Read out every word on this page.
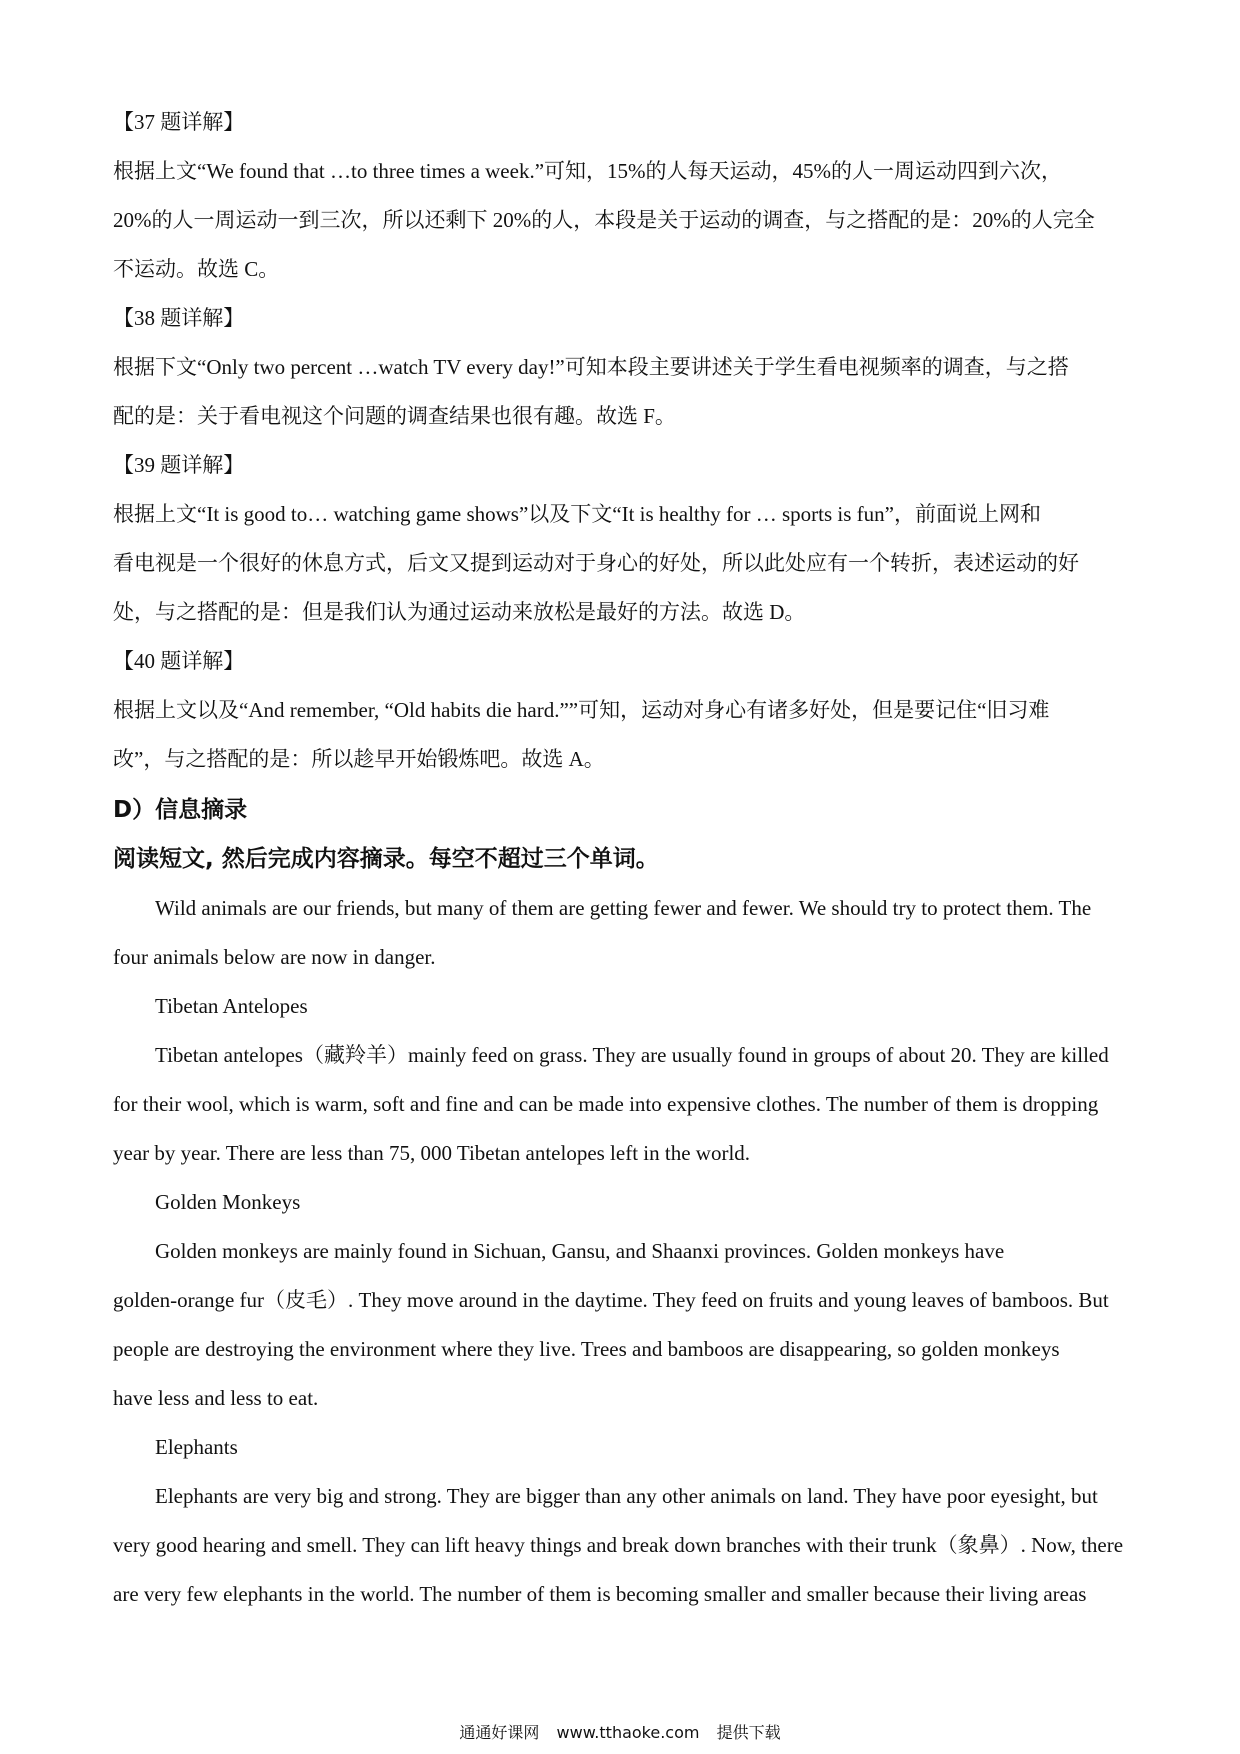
【37 题详解】
根据上文“We found that …to three times a week.”可知，15%的人每天运动，45%的人一周运动四到六次，
20%的人一周运动一到三次，所以还剩下 20%的人，本段是关于运动的调查，与之搭配的是：20%的人完全
不运动。故选 C。
【38 题详解】
根据下文“Only two percent …watch TV every day!”可知本段主要讲述关于学生看电视频率的调查，与之搭
配的是：关于看电视这个问题的调查结果也很有趣。故选 F。
【39 题详解】
根据上文“It is good to… watching game shows”以及下文“It is healthy for … sports is fun”，前面说上网和
看电视是一个很好的休息方式，后文又提到运动对于身心的好处，所以此处应有一个转折，表述运动的好
处，与之搭配的是：但是我们认为通过运动来放松是最好的方法。故选 D。
【40 题详解】
根据上文以及“And remember, “Old habits die hard.””可知，运动对身心有诸多好处，但是要记住“旧习难
改”，与之搭配的是：所以趁早开始锻炼吧。故选 A。
D）信息摘录
阅读短文, 然后完成内容摘录。每空不超过三个单词。
Wild animals are our friends, but many of them are getting fewer and fewer. We should try to protect them. The
four animals below are now in danger.
Tibetan Antelopes
Tibetan antelopes（藏羚羊）mainly feed on grass. They are usually found in groups of about 20. They are killed
for their wool, which is warm, soft and fine and can be made into expensive clothes. The number of them is dropping
year by year. There are less than 75, 000 Tibetan antelopes left in the world.
Golden Monkeys
Golden monkeys are mainly found in Sichuan, Gansu, and Shaanxi provinces. Golden monkeys have
golden-orange fur（皮毛）. They move around in the daytime. They feed on fruits and young leaves of bamboos. But
people are destroying the environment where they live. Trees and bamboos are disappearing, so golden monkeys
have less and less to eat.
Elephants
Elephants are very big and strong. They are bigger than any other animals on land. They have poor eyesight, but
very good hearing and smell. They can lift heavy things and break down branches with their trunk（象鼻）. Now, there
are very few elephants in the world. The number of them is becoming smaller and smaller because their living areas
通通好课网 www.tthaoke.com 提供下载
